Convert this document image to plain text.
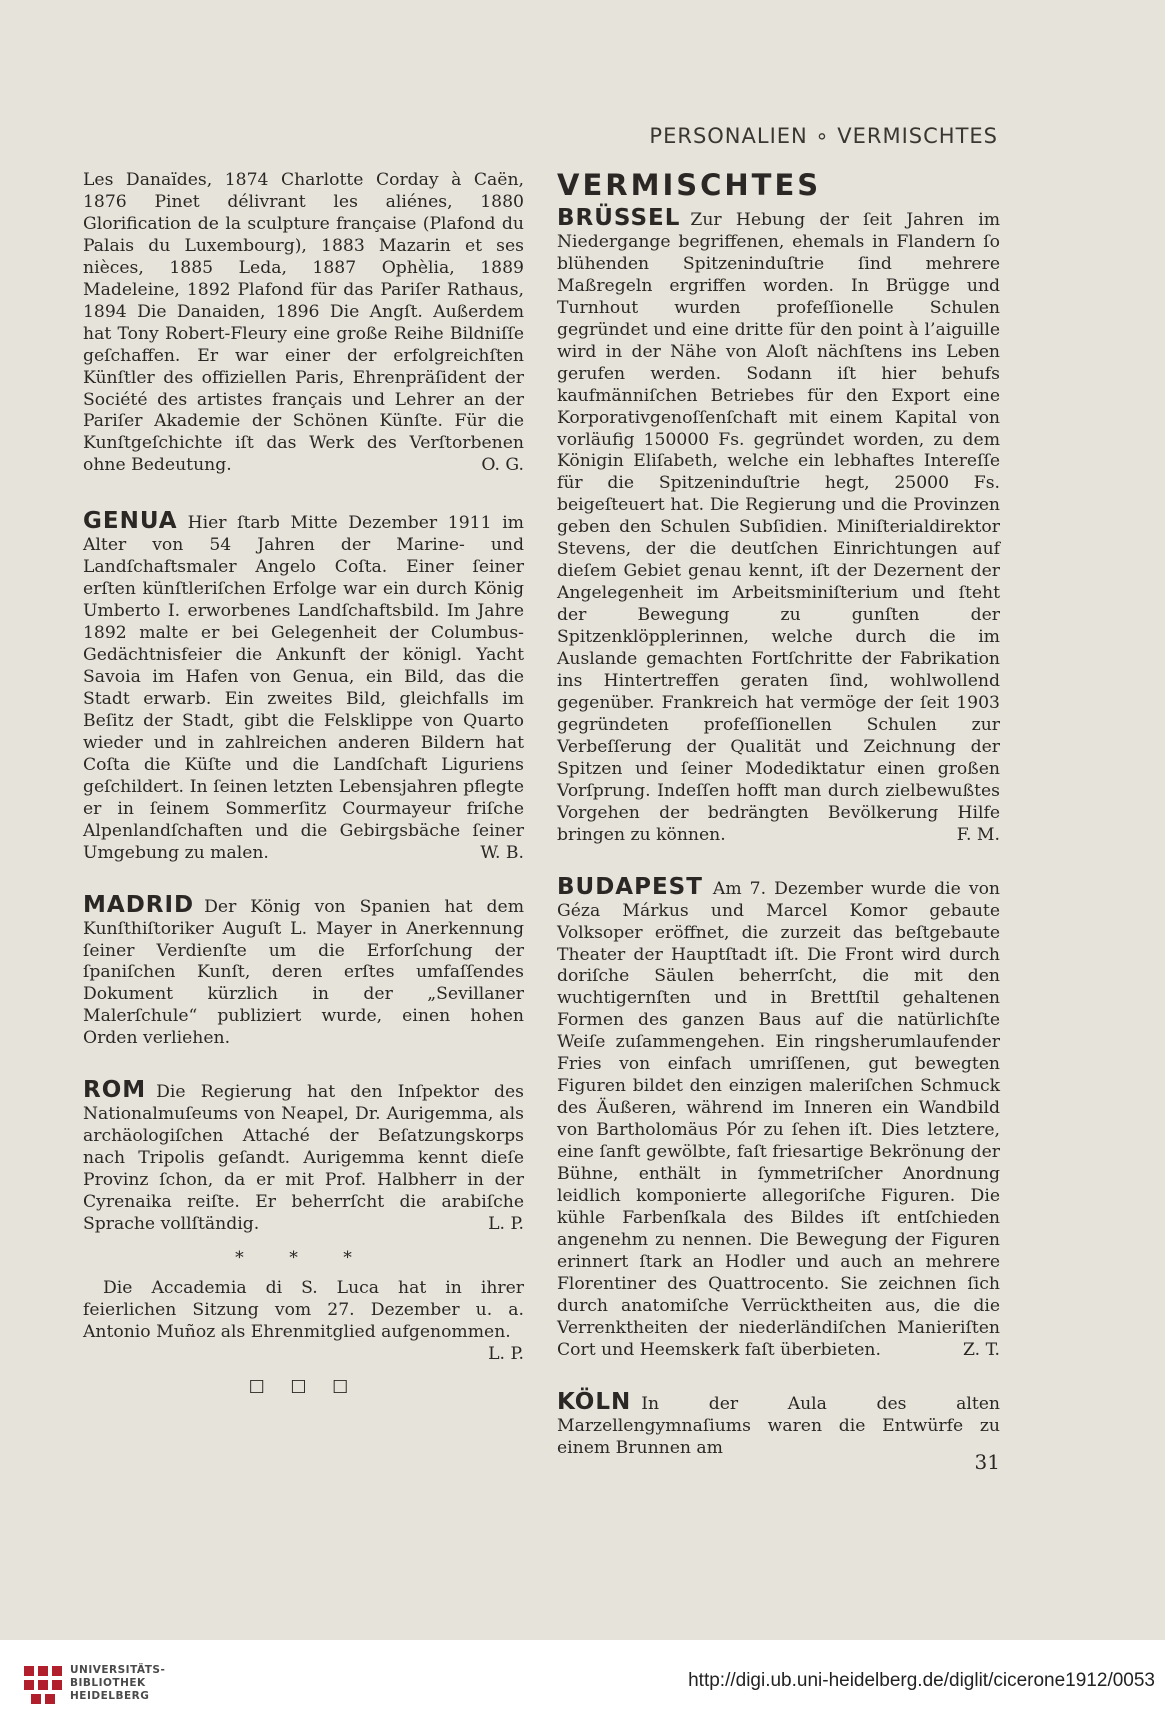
PERSONALIEN ∘ VERMISCHTES

Les Danaïdes, 1874 Charlotte Corday à Caën, 1876 Pinet délivrant les aliénes, 1880 Glorification de la sculpture française (Plafond du Palais du Luxembourg), 1883 Mazarin et ses nièces, 1885 Leda, 1887 Ophèlia, 1889 Madeleine, 1892 Plafond für das Pariſer Rathaus, 1894 Die Danaiden, 1896 Die Angſt. Außerdem hat Tony Robert-Fleury eine große Reihe Bildniſſe geſchaffen. Er war einer der erfolgreichſten Künſtler des offiziellen Paris, Ehrenpräſident der Société des artistes français und Lehrer an der Pariſer Akademie der Schönen Künſte. Für die Kunſtgeſchichte iſt das Werk des Verſtorbenen ohne Bedeutung.	O. G.

GENUA Hier ſtarb Mitte Dezember 1911 im Alter von 54 Jahren der Marine- und Landſchaftsmaler Angelo Coſta. Einer ſeiner erſten künſtleriſchen Erfolge war ein durch König Umberto I. erworbenes Landſchaftsbild. Im Jahre 1892 malte er bei Gelegenheit der Columbus-Gedächtnisfeier die Ankunft der königl. Yacht Savoia im Hafen von Genua, ein Bild, das die Stadt erwarb. Ein zweites Bild, gleichfalls im Beſitz der Stadt, gibt die Felsklippe von Quarto wieder und in zahlreichen anderen Bildern hat Coſta die Küſte und die Landſchaft Liguriens geſchildert. In ſeinen letzten Lebensjahren pflegte er in ſeinem Sommerſitz Courmayeur friſche Alpenlandſchaften und die Gebirgsbäche ſeiner Umgebung zu malen.	W. B.

MADRID Der König von Spanien hat dem Kunſthiſtoriker Auguſt L. Mayer in Anerkennung ſeiner Verdienſte um die Erforſchung der ſpaniſchen Kunſt, deren erſtes umfaſſendes Dokument kürzlich in der „Sevillaner Malerſchule“ publiziert wurde, einen hohen Orden verliehen.

ROM Die Regierung hat den Inſpektor des Nationalmuſeums von Neapel, Dr. Aurigemma, als archäologiſchen Attaché der Beſatzungskorps nach Tripolis geſandt. Aurigemma kennt dieſe Provinz ſchon, da er mit Prof. Halbherr in der Cyrenaika reiſte. Er beherrſcht die arabiſche Sprache vollſtändig.	L. P.

* * *

Die Accademia di S. Luca hat in ihrer feierlichen Sitzung vom 27. Dezember u. a. Antonio Muñoz als Ehrenmitglied aufgenommen.
L. P.

□ □ □
VERMISCHTES

BRÜSSEL Zur Hebung der ſeit Jahren im Niedergange begriffenen, ehemals in Flandern ſo blühenden Spitzeninduſtrie ſind mehrere Maßregeln ergriffen worden. In Brügge und Turnhout wurden profeſſionelle Schulen gegründet und eine dritte für den point à l’aiguille wird in der Nähe von Aloſt nächſtens ins Leben gerufen werden. Sodann iſt hier behufs kaufmänniſchen Betriebes für den Export eine Korporativgenoſſenſchaft mit einem Kapital von vorläufig 150000 Fs. gegründet worden, zu dem Königin Eliſabeth, welche ein lebhaftes Intereſſe für die Spitzeninduſtrie hegt, 25000 Fs. beigeſteuert hat. Die Regierung und die Provinzen geben den Schulen Subſidien. Miniſterialdirektor Stevens, der die deutſchen Einrichtungen auf dieſem Gebiet genau kennt, iſt der Dezernent der Angelegenheit im Arbeitsminiſterium und ſteht der Bewegung zu gunſten der Spitzenklöpplerinnen, welche durch die im Auslande gemachten Fortſchritte der Fabrikation ins Hintertreffen geraten ſind, wohlwollend gegenüber. Frankreich hat vermöge der ſeit 1903 gegründeten profeſſionellen Schulen zur Verbeſſerung der Qualität und Zeichnung der Spitzen und ſeiner Modediktatur einen großen Vorſprung. Indeſſen hofft man durch zielbewußtes Vorgehen der bedrängten Bevölkerung Hilfe bringen zu können.	F. M.

BUDAPEST Am 7. Dezember wurde die von Géza Márkus und Marcel Komor gebaute Volksoper eröffnet, die zurzeit das beſtgebaute Theater der Hauptſtadt iſt. Die Front wird durch doriſche Säulen beherrſcht, die mit den wuchtigernſten und in Brettſtil gehaltenen Formen des ganzen Baus auf die natürlichſte Weiſe zuſammengehen. Ein ringsherumlaufender Fries von einfach umriſſenen, gut bewegten Figuren bildet den einzigen maleriſchen Schmuck des Äußeren, während im Inneren ein Wandbild von Bartholomäus Pór zu ſehen iſt. Dies letztere, eine ſanft gewölbte, faſt friesartige Bekrönung der Bühne, enthält in ſymmetriſcher Anordnung leidlich komponierte allegoriſche Figuren. Die kühle Farbenſkala des Bildes iſt entſchieden angenehm zu nennen. Die Bewegung der Figuren erinnert ſtark an Hodler und auch an mehrere Florentiner des Quattrocento. Sie zeichnen ſich durch anatomiſche Verrücktheiten aus, die die Verrenktheiten der niederländiſchen Manieriſten Cort und Heemskerk faſt überbieten.	Z. T.

KÖLN In der Aula des alten Marzellengymnaſiums waren die Entwürfe zu einem Brunnen am

31
UNIVERSITÄTS-
BIBLIOTHEK
HEIDELBERG
http://digi.ub.uni-heidelberg.de/diglit/cicerone1912/0053
